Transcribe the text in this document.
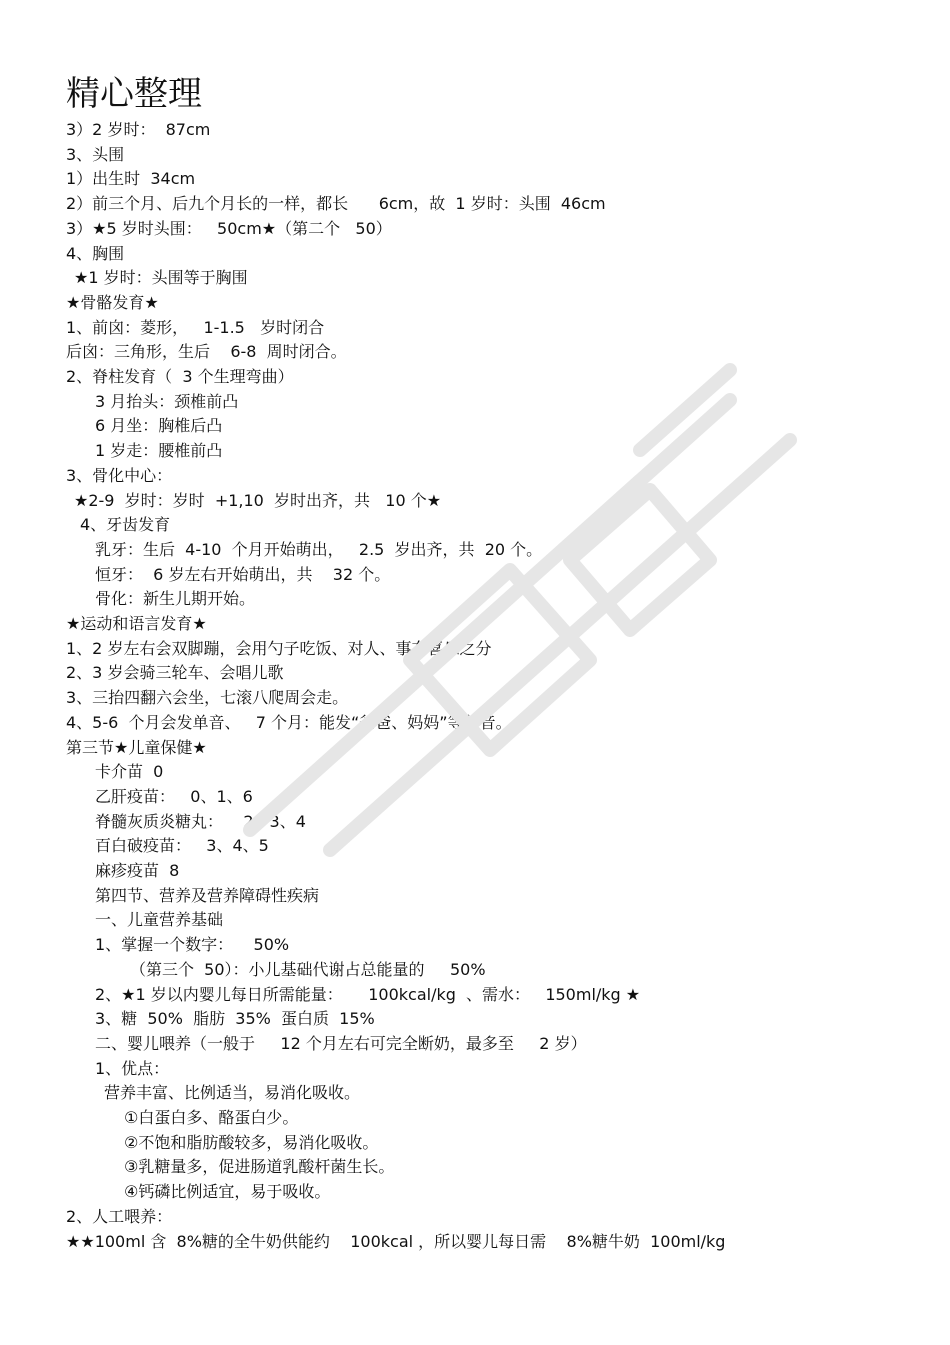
精心整理
3）2 岁时：  87cm
3、头围
1）出生时  34cm
2）前三个月、后九个月长的一样，都长      6cm，故  1 岁时：头围  46cm
3）★5 岁时头围：   50cm★（第二个   50）
4、胸围
★1 岁时：头围等于胸围
★骨骼发育★
1、前囟：菱形，   1-1.5   岁时闭合
后囟：三角形，生后    6-8  周时闭合。
2、脊柱发育（  3 个生理弯曲）
3 月抬头：颈椎前凸
6 月坐：胸椎后凸
1 岁走：腰椎前凸
3、骨化中心：
★2-9  岁时：岁时  +1,10  岁时出齐，共   10 个★
4、牙齿发育
乳牙：生后  4-10  个月开始萌出，   2.5  岁出齐，共  20 个。
恒牙：  6 岁左右开始萌出，共    32 个。
骨化：新生儿期开始。
★运动和语言发育★
1、2 岁左右会双脚蹦，会用勺子吃饭、对人、事有喜乐之分
2、3 岁会骑三轮车、会唱儿歌
3、三抬四翻六会坐，七滚八爬周会走。
4、5-6  个月会发单音、   7 个月：能发“爸爸、妈妈”等复音。
第三节★儿童保健★
卡介苗  0
乙肝疫苗：   0、1、6
脊髓灰质炎糖丸：    2、3、4
百白破疫苗：   3、4、5
麻疹疫苗  8
第四节、营养及营养障碍性疾病
一、儿童营养基础
1、掌握一个数字：    50%
（第三个  50）：小儿基础代谢占总能量的     50%
2、★1 岁以内婴儿每日所需能量：     100kcal/kg  、需水：   150ml/kg ★
3、糖  50%  脂肪  35%  蛋白质  15%
二、婴儿喂养（一般于     12 个月左右可完全断奶，最多至     2 岁）
1、优点：
营养丰富、比例适当，易消化吸收。
①白蛋白多、酪蛋白少。
②不饱和脂肪酸较多，易消化吸收。
③乳糖量多，促进肠道乳酸杆菌生长。
④钙磷比例适宜，易于吸收。
2、人工喂养：
★★100ml 含  8%糖的全牛奶供能约    100kcal ，所以婴儿每日需    8%糖牛奶  100ml/kg
